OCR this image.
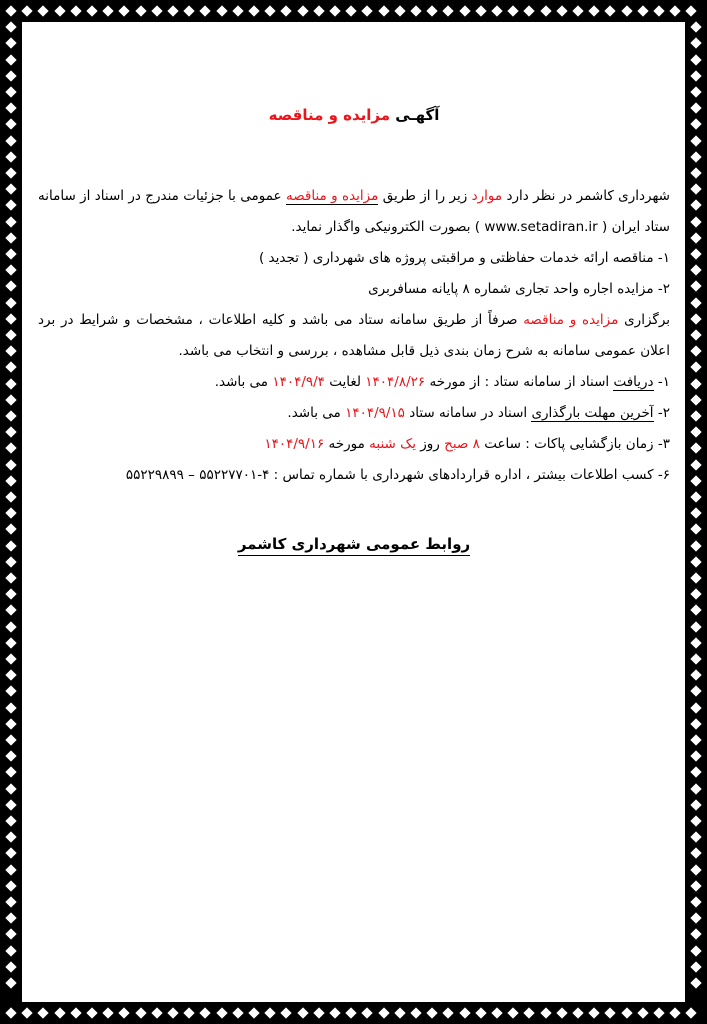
آگهـی مزایده و مناقصه

شهرداری کاشمر در نظر دارد موارد زیر را از طریق مزایده و مناقصه عمومی با جزئیات مندرج در اسناد از سامانه ستاد ایران ( www.setadiran.ir ) بصورت الکترونیکی واگذار نماید.

۱- مناقصه ارائه خدمات حفاظتی و مراقبتی پروژه های شهرداری ( تجدید )

۲- مزایده اجاره واحد تجاری شماره ۸ پایانه مسافربری

برگزاری مزایده و مناقصه صرفاً از طریق سامانه ستاد می باشد و کلیه اطلاعات ، مشخصات و شرایط در برد اعلان عمومی سامانه به شرح زمان بندی ذیل قابل مشاهده ، بررسی و انتخاب می باشد.

۱- دریافت اسناد از سامانه ستاد : از مورخه ۱۴۰۴/۸/۲۶ لغایت ۱۴۰۴/۹/۴ می باشد.

۲- آخرین مهلت بارگذاری اسناد در سامانه ستاد ۱۴۰۴/۹/۱۵ می باشد.

۳- زمان بازگشایی پاکات : ساعت ۸ صبح روز یک شنبه مورخه ۱۴۰۴/۹/۱۶

۶- کسب اطلاعات بیشتر ، اداره قراردادهای شهرداری با شماره تماس : ۴-۵۵۲۲۷۷۰۱ – ۵۵۲۲۹۸۹۹

روابط عمومی شهرداری کاشمر
